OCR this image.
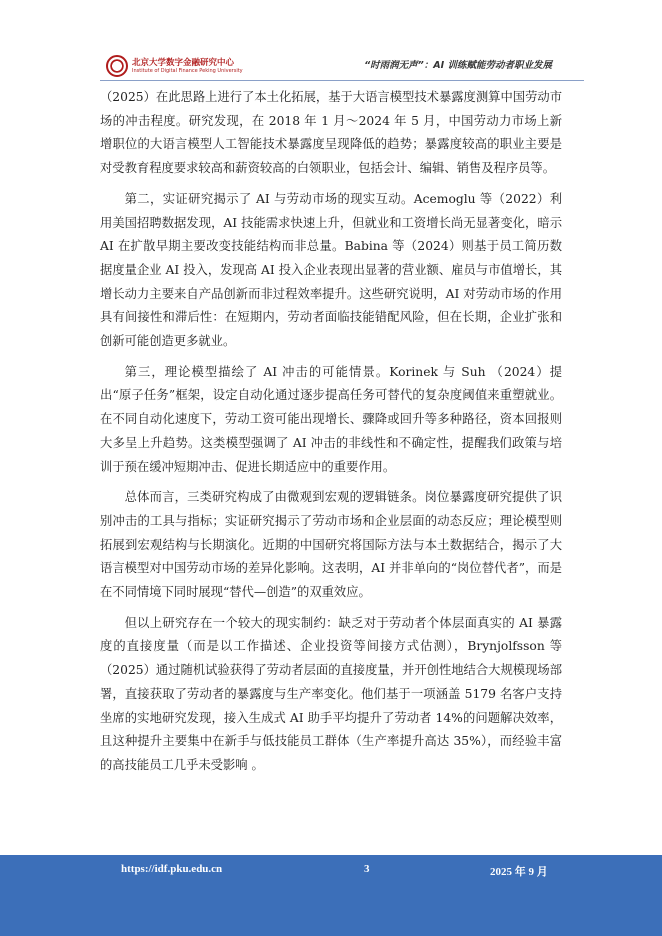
北京大学数字金融研究中心
Institute of Digital Finance Peking University	“时雨润无声”：AI 训练赋能劳动者职业发展

（2025）在此思路上进行了本土化拓展，基于大语言模型技术暴露度测算中国劳动市场的冲击程度。研究发现，在 2018 年 1 月～2024 年 5 月，中国劳动力市场上新增职位的大语言模型人工智能技术暴露度呈现降低的趋势；暴露度较高的职业主要是对受教育程度要求较高和薪资较高的白领职业，包括会计、编辑、销售及程序员等。

第二，实证研究揭示了 AI 与劳动市场的现实互动。Acemoglu 等（2022）利用美国招聘数据发现，AI 技能需求快速上升，但就业和工资增长尚无显著变化，暗示 AI 在扩散早期主要改变技能结构而非总量。Babina 等（2024）则基于员工简历数据度量企业 AI 投入，发现高 AI 投入企业表现出显著的营业额、雇员与市值增长，其增长动力主要来自产品创新而非过程效率提升。这些研究说明，AI 对劳动市场的作用具有间接性和滞后性：在短期内，劳动者面临技能错配风险，但在长期，企业扩张和创新可能创造更多就业。

第三，理论模型描绘了 AI 冲击的可能情景。Korinek 与 Suh （2024）提出“原子任务”框架，设定自动化通过逐步提高任务可替代的复杂度阈值来重塑就业。在不同自动化速度下，劳动工资可能出现增长、骤降或回升等多种路径，资本回报则大多呈上升趋势。这类模型强调了 AI 冲击的非线性和不确定性，提醒我们政策与培训于预在缓冲短期冲击、促进长期适应中的重要作用。

总体而言，三类研究构成了由微观到宏观的逻辑链条。岗位暴露度研究提供了识别冲击的工具与指标；实证研究揭示了劳动市场和企业层面的动态反应；理论模型则拓展到宏观结构与长期演化。近期的中国研究将国际方法与本土数据结合，揭示了大语言模型对中国劳动市场的差异化影响。这表明，AI 并非单向的“岗位替代者”，而是在不同情境下同时展现“替代—创造”的双重效应。

但以上研究存在一个较大的现实制约：缺乏对于劳动者个体层面真实的 AI 暴露度的直接度量（而是以工作描述、企业投资等间接方式估测），Brynjolfsson 等（2025）通过随机试验获得了劳动者层面的直接度量，并开创性地结合大规模现场部署，直接获取了劳动者的暴露度与生产率变化。他们基于一项涵盖 5179 名客户支持坐席的实地研究发现，接入生成式 AI 助手平均提升了劳动者 14%的问题解决效率，且这种提升主要集中在新手与低技能员工群体（生产率提升高达 35%），而经验丰富的高技能员工几乎未受影响 。

https://idf.pku.edu.cn	3	2025 年 9 月
